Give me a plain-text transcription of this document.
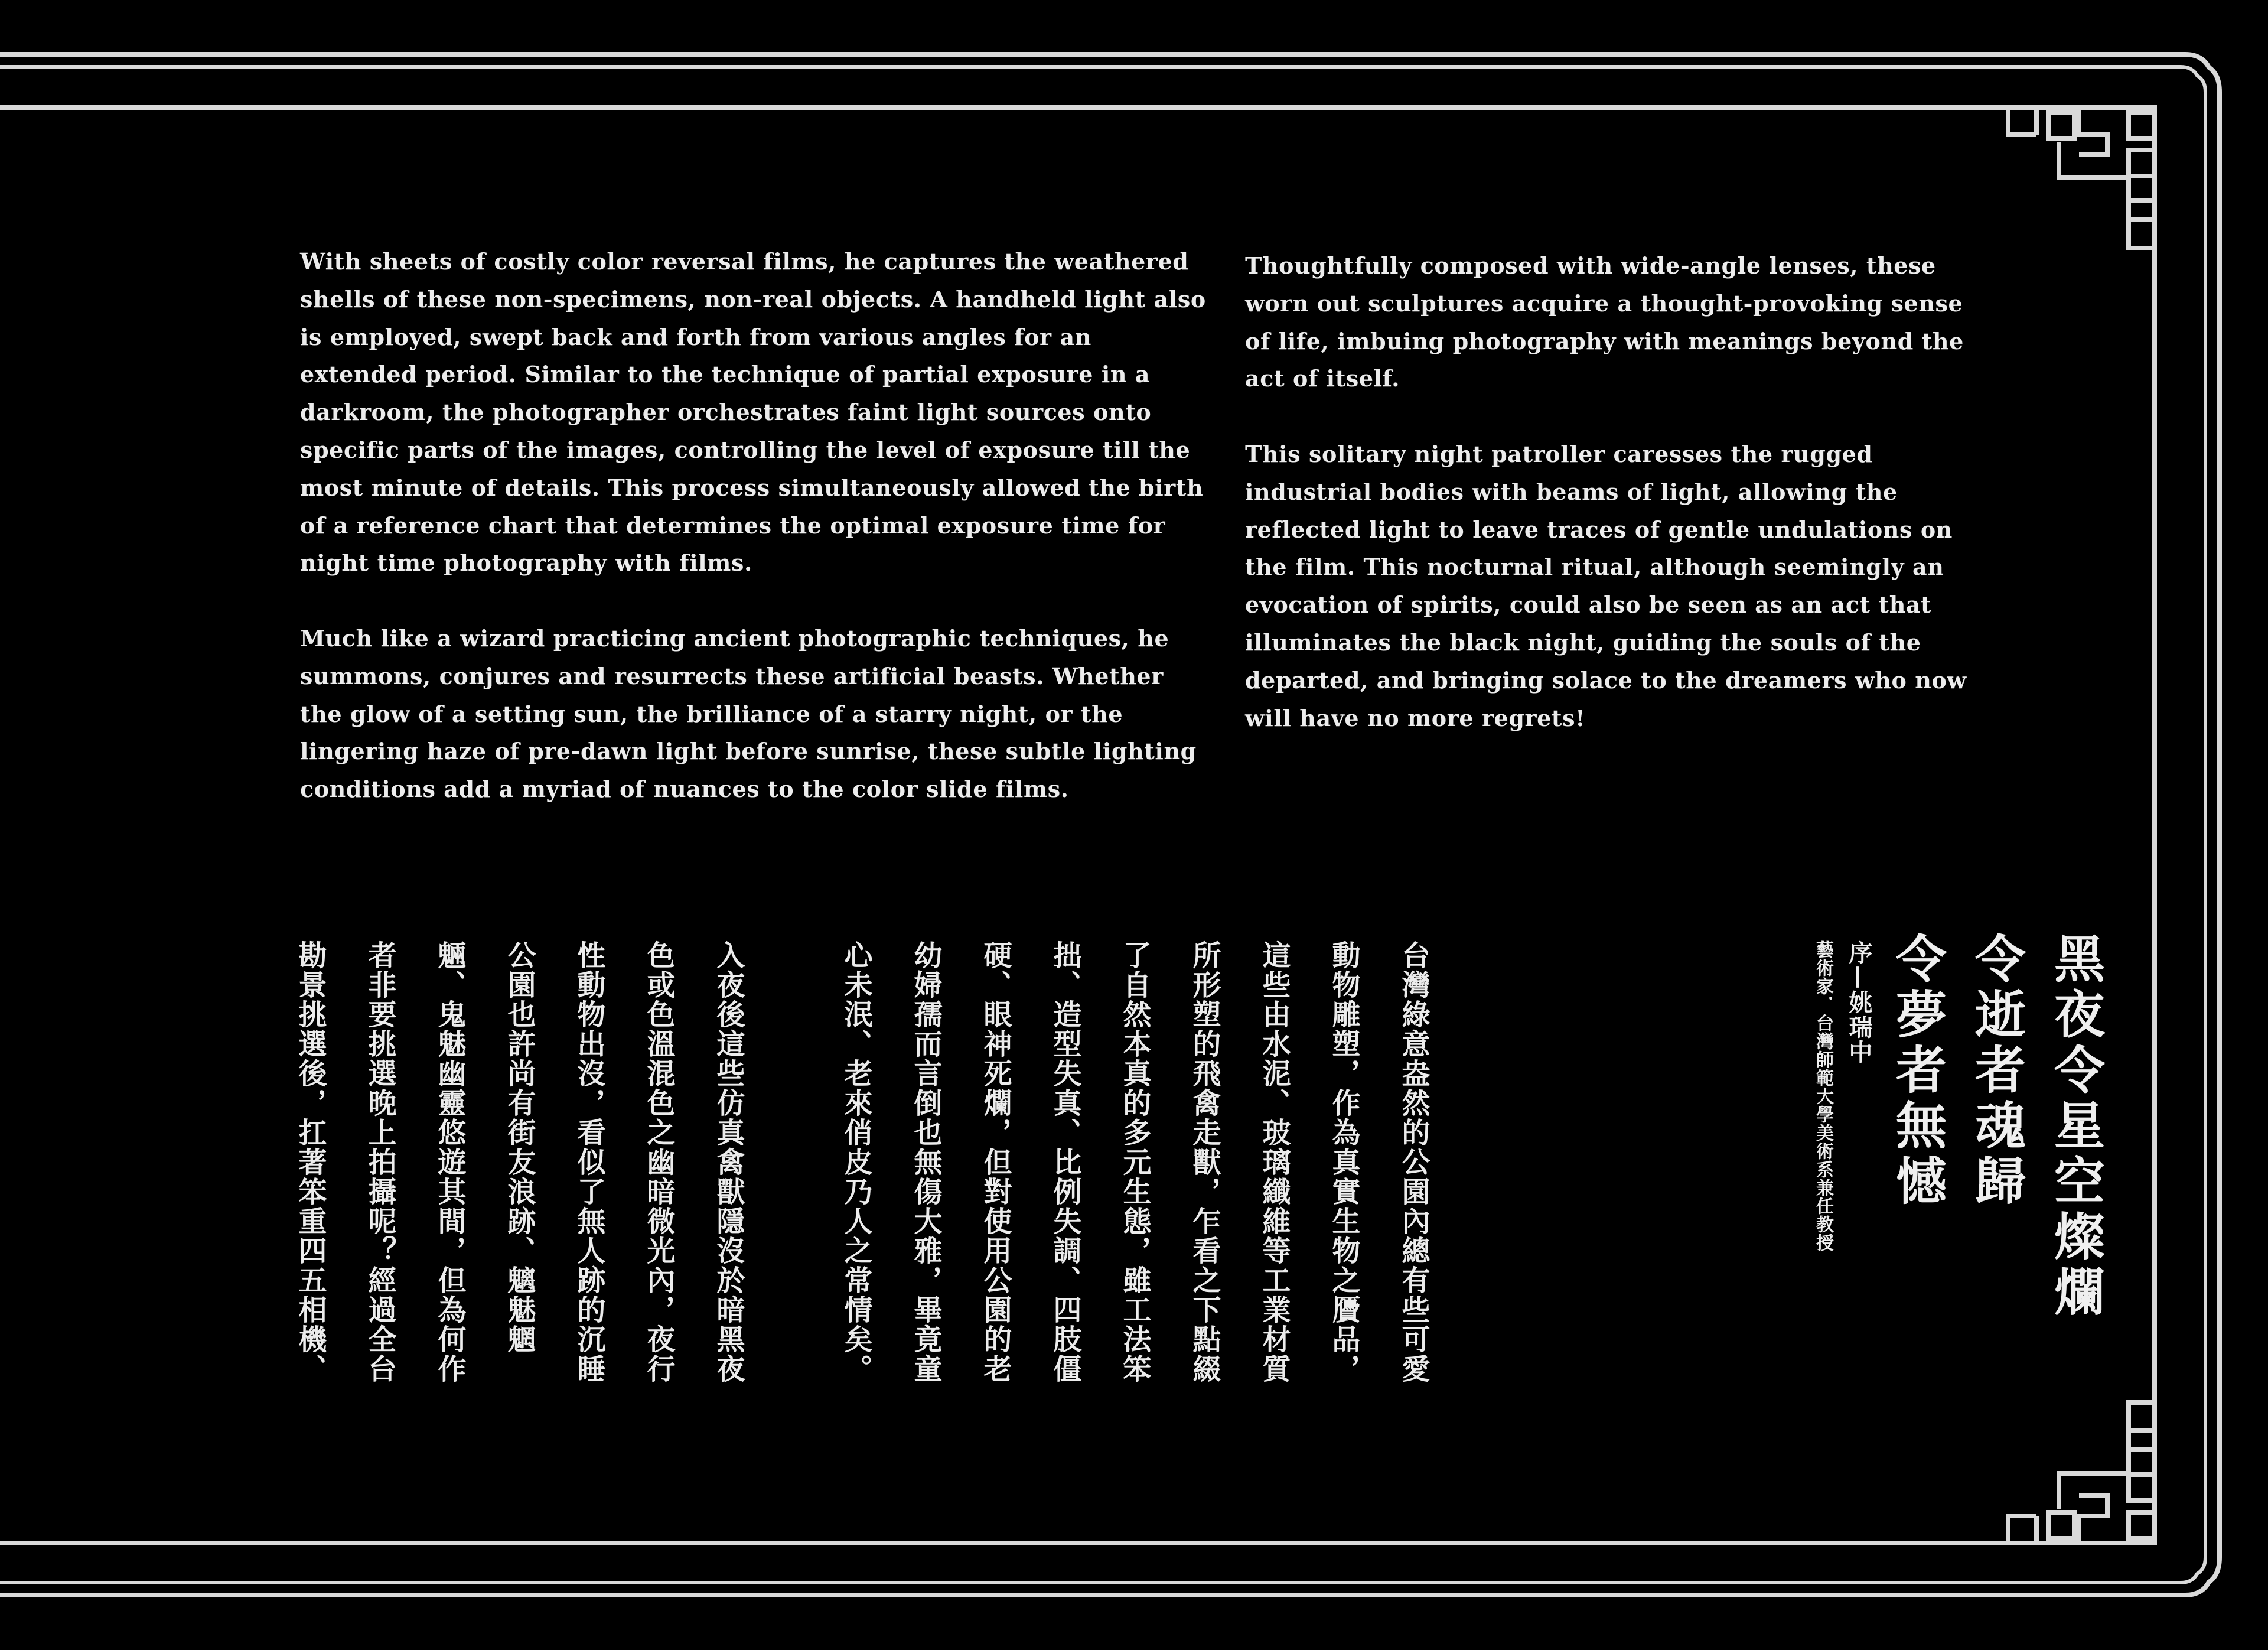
With sheets of costly color reversal films, he captures the weathered shells of these non-specimens, non-real objects. A handheld light also is employed, swept back and forth from various angles for an extended period. Similar to the technique of partial exposure in a darkroom, the photographer orchestrates faint light sources onto specific parts of the images, controlling the level of exposure till the most minute of details. This process simultaneously allowed the birth of a reference chart that determines the optimal exposure time for night time photography with films.

Much like a wizard practicing ancient photographic techniques, he summons, conjures and resurrects these artificial beasts. Whether the glow of a setting sun, the brilliance of a starry night, or the lingering haze of pre-dawn light before sunrise, these subtle lighting conditions add a myriad of nuances to the color slide films.

Thoughtfully composed with wide-angle lenses, these worn out sculptures acquire a thought-provoking sense of life, imbuing photography with meanings beyond the act of itself.

This solitary night patroller caresses the rugged industrial bodies with beams of light, allowing the reflected light to leave traces of gentle undulations on the film. This nocturnal ritual, although seemingly an evocation of spirits, could also be seen as an act that illuminates the black night, guiding the souls of the departed, and bringing solace to the dreamers who now will have no more regrets!

黑夜令星空燦爛
令逝者魂歸
令夢者無憾
序—姚瑞中
藝術家．台灣師範大學美術系兼任教授
台灣綠意盎然的公園內總有些可愛
動物雕塑，作為真實生物之贗品，
這些由水泥、玻璃纖維等工業材質
所形塑的飛禽走獸，乍看之下點綴
了自然本真的多元生態，雖工法笨
拙、造型失真、比例失調、四肢僵
硬、眼神死爛，但對使用公園的老
幼婦孺而言倒也無傷大雅，畢竟童
心未泯、老來俏皮乃人之常情矣。
入夜後這些仿真禽獸隱沒於暗黑夜
色或色溫混色之幽暗微光內，夜行
性動物出沒，看似了無人跡的沉睡
公園也許尚有街友浪跡、魑魅魍
魎、鬼魅幽靈悠遊其間，但為何作
者非要挑選晚上拍攝呢？經過全台
勘景挑選後，扛著笨重四五相機、
